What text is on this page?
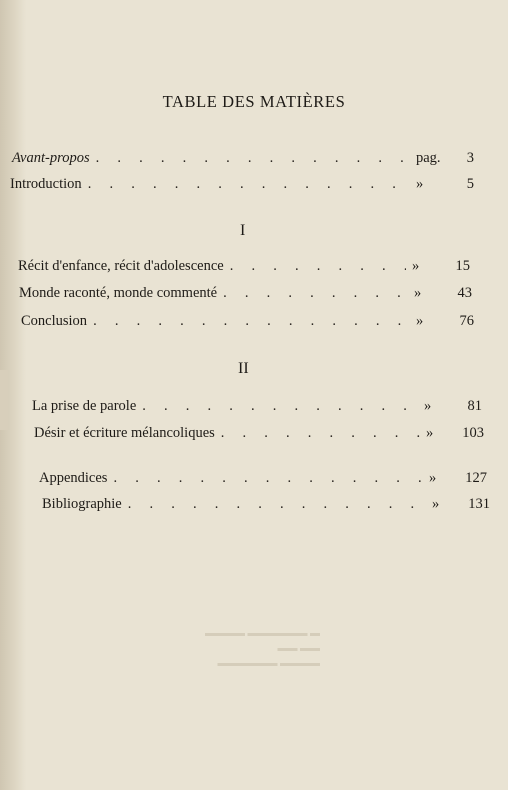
TABLE DES MATIÈRES
Avant-propos .	pag.	3
Introduction .	»	5
I
Récit d'enfance, récit d'adolescence .	»	15
Monde raconté, monde commenté .	»	43
Conclusion .	»	76
II
La prise de parole .	»	81
Désir et écriture mélancoliques .	»	103
Appendices .	»	127
Bibliographie .	»	131
▬▬▬▬ ▬▬▬▬▬▬ ▬▬ ▬▬
▬ ▬▬▬▬▬▬ ▬▬▬▬
